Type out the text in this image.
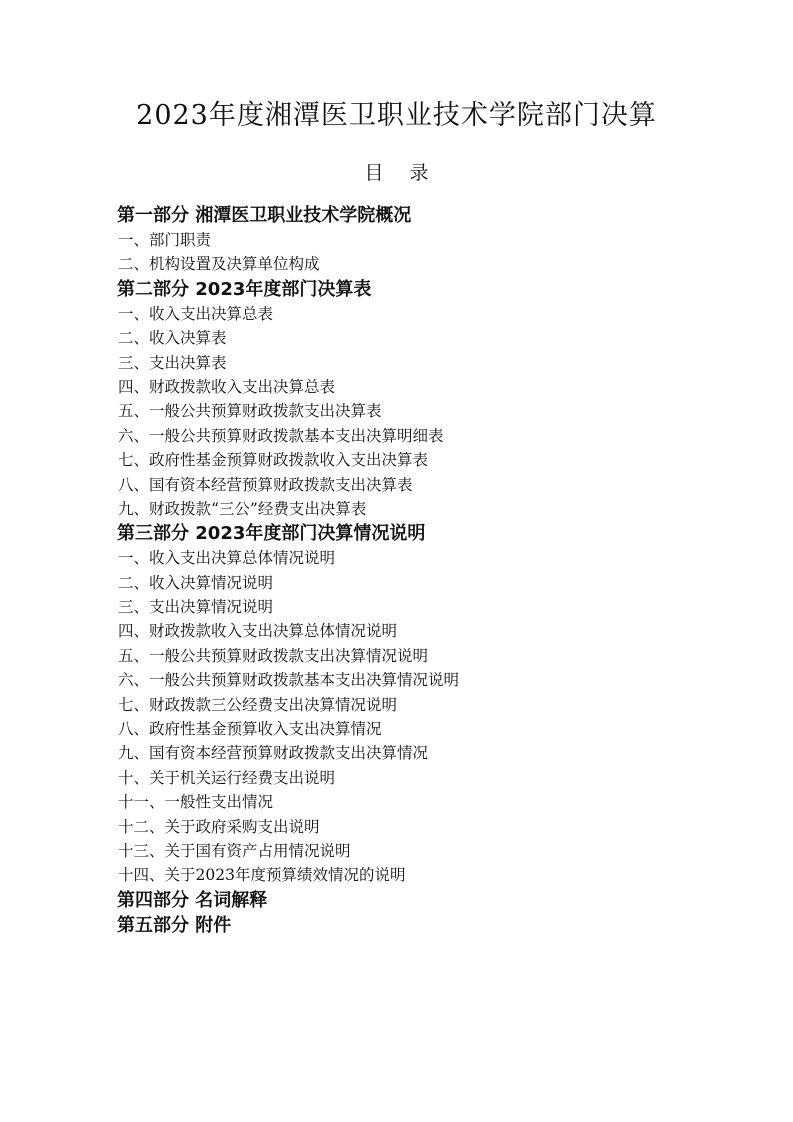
2023年度湘潭医卫职业技术学院部门决算
目 录
第一部分 湘潭医卫职业技术学院概况
一、部门职责
二、机构设置及决算单位构成
第二部分 2023年度部门决算表
一、收入支出决算总表
二、收入决算表
三、支出决算表
四、财政拨款收入支出决算总表
五、一般公共预算财政拨款支出决算表
六、一般公共预算财政拨款基本支出决算明细表
七、政府性基金预算财政拨款收入支出决算表
八、国有资本经营预算财政拨款支出决算表
九、财政拨款“三公”经费支出决算表
第三部分 2023年度部门决算情况说明
一、收入支出决算总体情况说明
二、收入决算情况说明
三、支出决算情况说明
四、财政拨款收入支出决算总体情况说明
五、一般公共预算财政拨款支出决算情况说明
六、一般公共预算财政拨款基本支出决算情况说明
七、财政拨款三公经费支出决算情况说明
八、政府性基金预算收入支出决算情况
九、国有资本经营预算财政拨款支出决算情况
十、关于机关运行经费支出说明
十一、一般性支出情况
十二、关于政府采购支出说明
十三、关于国有资产占用情况说明
十四、关于2023年度预算绩效情况的说明
第四部分 名词解释
第五部分 附件
